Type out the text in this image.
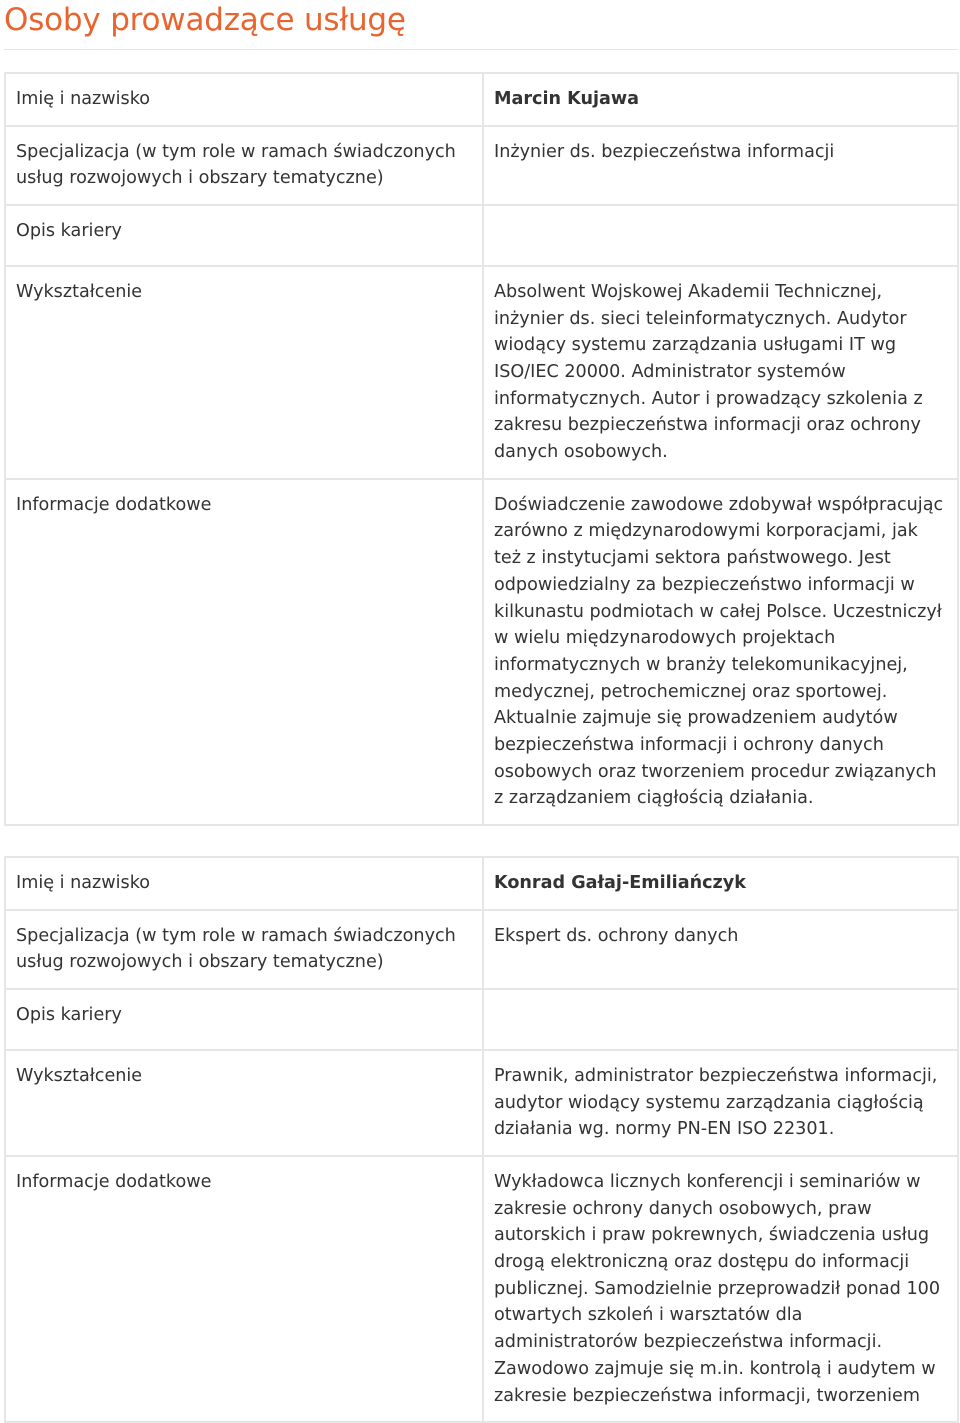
Osoby prowadzące usługę
Imię i nazwisko	Marcin Kujawa
Specjalizacja (w tym role w ramach świadczonych usług rozwojowych i obszary tematyczne)	Inżynier ds. bezpieczeństwa informacji
Opis kariery	
Wykształcenie	Absolwent Wojskowej Akademii Technicznej, inżynier ds. sieci teleinformatycznych. Audytor wiodący systemu zarządzania usługami IT wg ISO/IEC 20000. Administrator systemów informatycznych. Autor i prowadzący szkolenia z zakresu bezpieczeństwa informacji oraz ochrony danych osobowych.
Informacje dodatkowe	Doświadczenie zawodowe zdobywał współpracując zarówno z międzynarodowymi korporacjami, jak też z instytucjami sektora państwowego. Jest odpowiedzialny za bezpieczeństwo informacji w kilkunastu podmiotach w całej Polsce. Uczestniczył w wielu międzynarodowych projektach informatycznych w branży telekomunikacyjnej, medycznej, petrochemicznej oraz sportowej. Aktualnie zajmuje się prowadzeniem audytów bezpieczeństwa informacji i ochrony danych osobowych oraz tworzeniem procedur związanych z zarządzaniem ciągłością działania.
Imię i nazwisko	Konrad Gałaj-Emiliańczyk
Specjalizacja (w tym role w ramach świadczonych usług rozwojowych i obszary tematyczne)	Ekspert ds. ochrony danych
Opis kariery	
Wykształcenie	Prawnik, administrator bezpieczeństwa informacji, audytor wiodący systemu zarządzania ciągłością działania wg. normy PN-EN ISO 22301.
Informacje dodatkowe	Wykładowca licznych konferencji i seminariów w zakresie ochrony danych osobowych, praw autorskich i praw pokrewnych, świadczenia usług drogą elektroniczną oraz dostępu do informacji publicznej. Samodzielnie przeprowadził ponad 100 otwartych szkoleń i warsztatów dla administratorów bezpieczeństwa informacji. Zawodowo zajmuje się m.in. kontrolą i audytem w zakresie bezpieczeństwa informacji, tworzeniem
